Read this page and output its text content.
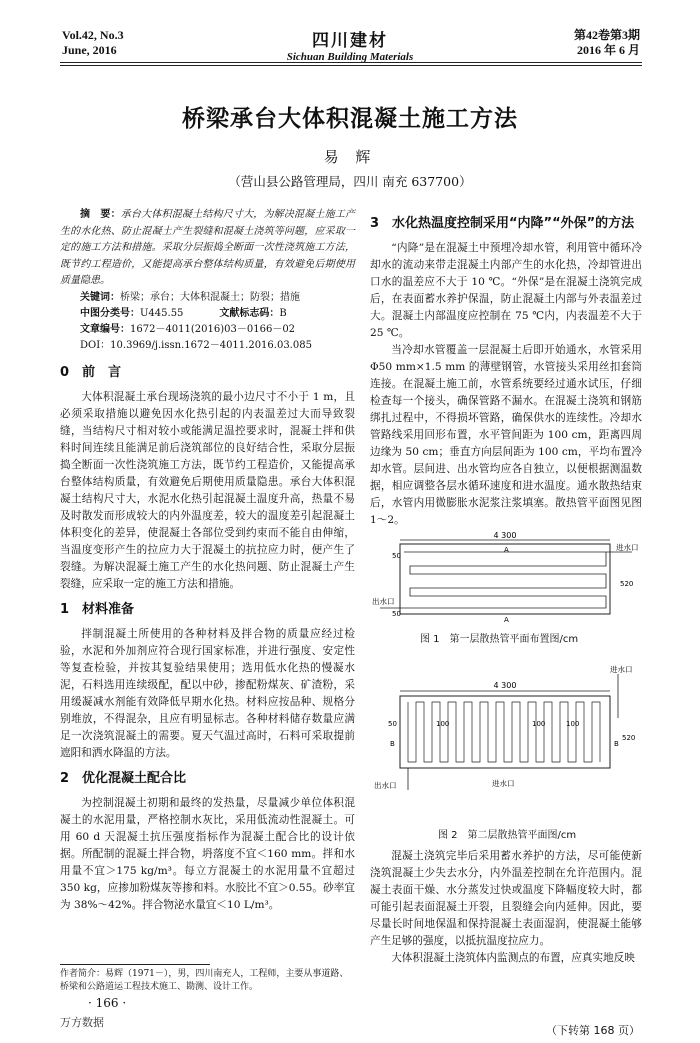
Vol.42, No.3
June, 2016	四川建材
Sichuan Building Materials
第42卷第3期
2016 年 6 月
桥梁承台大体积混凝土施工方法
易 辉
（营山县公路管理局，四川 南充 637700）

摘　要：承台大体积混凝土结构尺寸大，为解决混凝土施工产生的水化热、防止混凝土产生裂缝和混凝土浇筑等问题，应采取一定的施工方法和措施。采取分层振捣全断面一次性浇筑施工方法，既节约工程造价，又能提高承台整体结构质量，有效避免后期使用质量隐患。

关键词：桥梁；承台；大体积混凝土；防裂；措施
中图分类号：U445.55	文献标志码：B
文章编号：1672－4011(2016)03－0166－02
DOI：10.3969/j.issn.1672－4011.2016.03.085
0 前　言

大体积混凝土承台现场浇筑的最小边尺寸不小于 1 m，且必须采取措施以避免因水化热引起的内表温差过大而导致裂缝，当结构尺寸相对较小或能满足温控要求时，混凝土拌和供料时间连续且能满足前后浇筑部位的良好结合性，采取分层振捣全断面一次性浇筑施工方法，既节约工程造价，又能提高承台整体结构质量，有效避免后期使用质量隐患。承台大体积混凝土结构尺寸大，水泥水化热引起混凝土温度升高，热量不易及时散发而形成较大的内外温度差，较大的温度差引起混凝土体积变化的差异，使混凝土各部位受到约束而不能自由伸缩，当温度变形产生的拉应力大于混凝土的抗拉应力时，便产生了裂缝。为解决混凝土施工产生的水化热问题、防止混凝土产生裂缝，应采取一定的施工方法和措施。

1 材料准备

拌制混凝土所使用的各种材料及拌合物的质量应经过检验，水泥和外加剂应符合现行国家标准，并进行强度、安定性等复查检验，并按其复验结果使用；选用低水化热的慢凝水泥，石料选用连续级配，配以中砂，掺配粉煤灰、矿渣粉，采用缓凝减水剂能有效降低早期水化热。材料应按品种、规格分别堆放，不得混杂，且应有明显标志。各种材料储存数量应满足一次浇筑混凝土的需要。夏天气温过高时，石料可采取提前遮阳和洒水降温的方法。

2 优化混凝土配合比

为控制混凝土初期和最终的发热量，尽量减少单位体积混凝土的水泥用量，严格控制水灰比，采用低流动性混凝土。可用 60 d 天混凝土抗压强度指标作为混凝土配合比的设计依据。所配制的混凝土拌合物，坍落度不宜＜160 mm。拌和水用量不宜＞175 kg/m³。每立方混凝土的水泥用量不宜超过 350 kg，应掺加粉煤灰等掺和料。水胶比不宜＞0.55。砂率宜为 38%～42%。拌合物泌水量宜＜10 L/m³。

3 水化热温度控制采用“内降”“外保”的方法

“内降”是在混凝土中预埋冷却水管，利用管中循环冷却水的流动来带走混凝土内部产生的水化热，冷却管进出口水的温差应不大于 10 ℃。“外保”是在混凝土浇筑完成后，在表面蓄水养护保温，防止混凝土内部与外表温差过大。混凝土内部温度应控制在 75 ℃内，内表温差不大于 25 ℃。

当冷却水管覆盖一层混凝土后即开始通水，水管采用 Φ50 mm×1.5 mm 的薄壁钢管，水管接头采用丝扣套筒连接。在混凝土施工前，水管系统要经过通水试压，仔细检查每一个接头，确保管路不漏水。在混凝土浇筑和钢筋绑扎过程中，不得损坏管路，确保供水的连续性。冷却水管路线采用回形布置，水平管间距为 100 cm，距离四周边缘为 50 cm；垂直方向层间距为 100 cm，平均布置冷却水管。层间进、出水管均应各自独立，以便根据测温数据，相应调整各层水循环速度和进水温度。通水散热结束后，水管内用微膨胀水泥浆注浆填塞。散热管平面图见图 1～2。

4 300
进水口
出水口
50
50
520
A
A
图 1　第一层散热管平面布置图/cm
进水口
4 300
50	100	100	100
B	B
520
出水口	进水口
图 2　第二层散热管平面图/cm

混凝土浇筑完毕后采用蓄水养护的方法，尽可能使新浇筑混凝土少失去水分，内外温差控制在允许范围内。混凝土表面干燥、水分蒸发过快或温度下降幅度较大时，都可能引起表面混凝土开裂，且裂缝会向内延伸。因此，要尽量长时间地保温和保持混凝土表面湿润，使混凝土能够产生足够的强度，以抵抗温度拉应力。

大体积混凝土浇筑体内监测点的布置，应真实地反映

（下转第 168 页）
作者简介：易辉（1971－），男，四川南充人，工程师，主要从事道路、桥梁和公路道运工程技术施工、勘测、设计工作。
· 166 ·
万方数据
